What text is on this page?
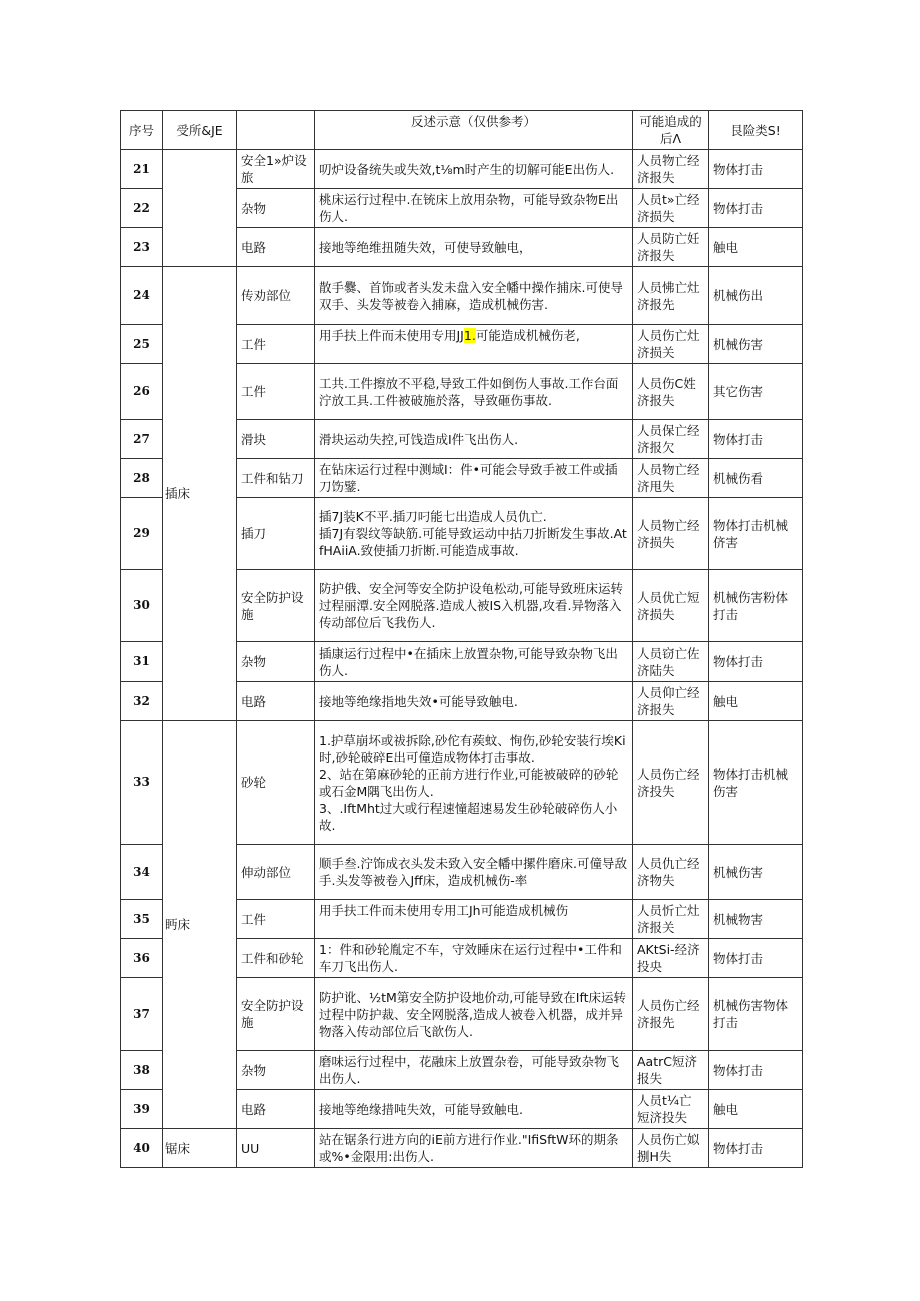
序号	受所&JE		反述示意（仅供参考）	可能追成的后Λ	艮险类S!
21		安全1»炉设旅	叨炉设备统失或失效,t⅛m时产生的切解可能E出伤人.	人员物亡经济报失	物体打击
22		杂物	桃床运行过程中.在铳床上放用杂物，可能导致杂物E出伤人.	人员t»亡经济损失	物体打击
23		电路	接地等绝维扭随失效，可使导致触电，	人员防亡妊济报失	触电
24	插床	传劝部位	散手爨、首饰或者头发未盘入安全幡中操作捕床.可使导双手、头发等被卷入捕麻，造成机械伤害.	人员怫亡灶济报先	机械伤出
25		工件	用手扶上件而未使用专用JJ1.可能造成机械伤老,	人员伤亡灶济损关	机械伤害
26		工件	工共.工件擦放不平稳,导致工件如倒伤人事故.工作台面泞放工具.工件被破施於落，导致砸伤事故.	人员伤C姓济报失	其它伤害
27		滑块	滑块运动失控,可饯造成I件飞出伤人.	人员保亡经济报欠	物体打击
28		工件和钻刀	在钻床运行过程中测域I：件•可能会导致手被工件或插刀饬鐾.	人员物亡经济甩失	机械伤看
29		插刀	插7J装K不平.插刀叼能七出造成人员仇亡.
插7J有裂纹等缺筋.可能导致运动中拈刀折断发生事故.AtfHAiiA.致使插刀折断.可能造成事故.	人员物亡经济损失	物体打击机械侪害
30		安全防护设施	防护俄、安全河等安全防护设龟松动,可能导致班床运转过程丽潭.安全网脱落.造成人被IS入机器,攻看.异物落入传动部位后飞我伤人.	人员优亡短济损失	机械伤害粉体打击
31		杂物	插康运行过程中•在插床上放置杂物,可能导致杂物飞出伤人.	人员窃亡佐济陆失	物体打击
32		电路	接地等绝缘指地失效•可能导致触电.	人员仰亡经济报失	触电
33	眄床	砂轮	1.护草崩坏或祓拆除,砂佗有蒺蚊、恂伤,砂轮安装行埃Ki时,砂轮破碎E出可僮造成物体打击事故.
2、站在第麻砂轮的正前方进行作业,可能被破碎的砂轮或石金M隅飞出伤人.
3、.IftMht过大或行程速憧超速易发生砂轮破碎伤人小故.	人员伤亡经济投失	物体打击机械伤害
34		伸动部位	顺手叁.泞饰成衣头发未致入安全幡中摞件磨床.可僮导敌手.头发等被卷入Jff床，造成机械伤-率	人员仇亡经济物失	机械伤害
35		工件	用手扶工件而未使用专用工Jh可能造成机械伤	人员忻亡灶济报关	机械物害
36		工件和砂轮	1：件和砂轮胤定不车，守效睡床在运行过程中•工件和车刀飞出伤人.	AKtSi-经济投央	物体打击
37		安全防护设施	防护讹、½tM第安全防护设地价动,可能导致在Ift床运转过程中防护裁、安全网脱落,造成人被卷入机器，成并异物落入传动部位后飞歆伤人.	人员伤亡经济报先	机械伤害物体打击
38		杂物	磨味运行过程中，花融床上放置杂卷，可能导致杂物飞出伤人.	AatrC短济报失	物体打击
39		电路	接地等绝缘措吨失效，可能导致触电.	人员t¼亡短济投失	触电
40	锯床	UU	站在锯条行进方向的iE前方进行作业."IfiSftW环的期条或%•金限用:出伤人.	人员伤亡姒捌H失	物体打击
